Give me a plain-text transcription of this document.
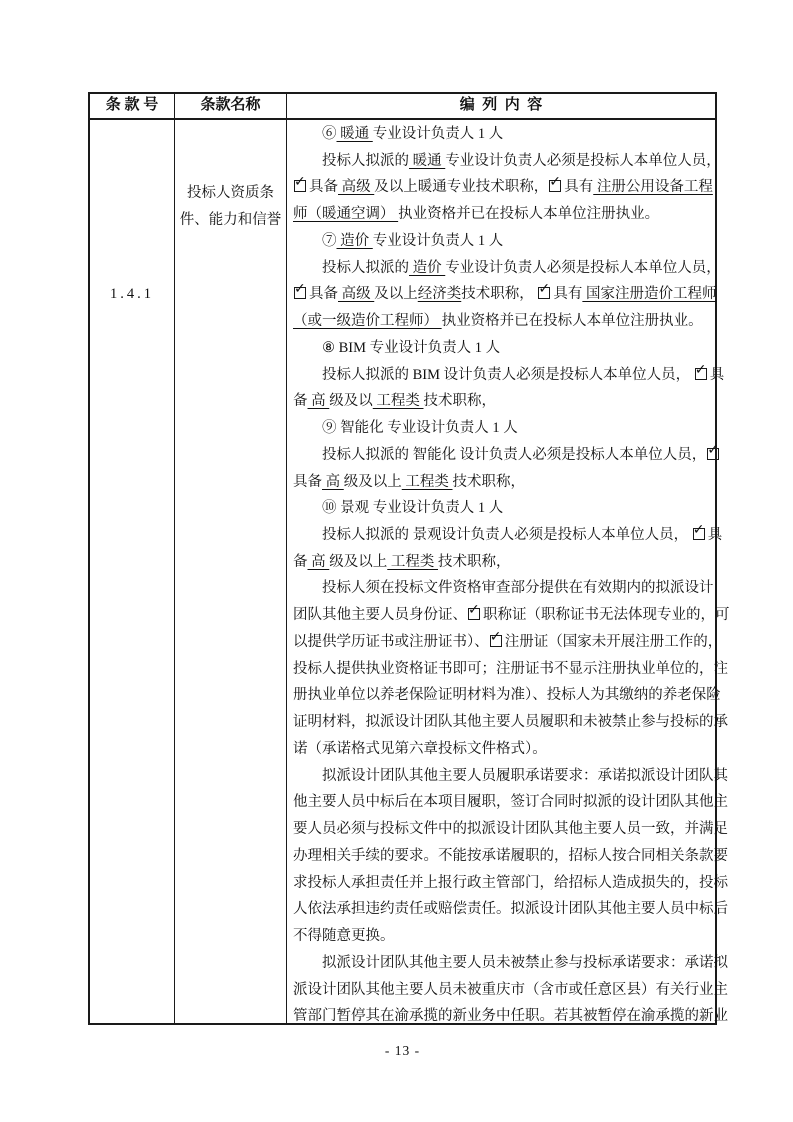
条 款 号	条款名称	编  列  内  容
1.4.1
投标人资质条
件、能力和信誉
⑥ 暖通 专业设计负责人 1 人
投标人拟派的 暖通 专业设计负责人必须是投标人本单位人员，
✓ 具备 高级 及以上暖通专业技术职称， ✓ 具有 注册公用设备工程
师（暖通空调） 执业资格并已在投标人本单位注册执业。
⑦ 造价 专业设计负责人 1 人
投标人拟派的 造价 专业设计负责人必须是投标人本单位人员，
✓ 具备 高级 及以上经济类技术职称， ✓ 具有 国家注册造价工程师
（或一级造价工程师） 执业资格并已在投标人本单位注册执业。
⑧ BIM 专业设计负责人 1 人
投标人拟派的 BIM 设计负责人必须是投标人本单位人员， ✓ 具
备 高 级及以 工程类 技术职称，
⑨ 智能化 专业设计负责人 1 人
投标人拟派的 智能化 设计负责人必须是投标人本单位人员， ✓
具备 高 级及以上 工程类 技术职称，
⑩ 景观 专业设计负责人 1 人
投标人拟派的 景观设计负责人必须是投标人本单位人员， ✓ 具
备 高 级及以上 工程类 技术职称，
投标人须在投标文件资格审查部分提供在有效期内的拟派设计
团队其他主要人员身份证、 ✓ 职称证（职称证书无法体现专业的，可
以提供学历证书或注册证书）、 ✓ 注册证（国家未开展注册工作的，
投标人提供执业资格证书即可；注册证书不显示注册执业单位的，注
册执业单位以养老保险证明材料为准）、投标人为其缴纳的养老保险
证明材料，拟派设计团队其他主要人员履职和未被禁止参与投标的承
诺（承诺格式见第六章投标文件格式）。
拟派设计团队其他主要人员履职承诺要求：承诺拟派设计团队其
他主要人员中标后在本项目履职，签订合同时拟派的设计团队其他主
要人员必须与投标文件中的拟派设计团队其他主要人员一致，并满足
办理相关手续的要求。不能按承诺履职的，招标人按合同相关条款要
求投标人承担责任并上报行政主管部门，给招标人造成损失的，投标
人依法承担违约责任或赔偿责任。拟派设计团队其他主要人员中标后
不得随意更换。
拟派设计团队其他主要人员未被禁止参与投标承诺要求：承诺拟
派设计团队其他主要人员未被重庆市（含市或任意区县）有关行业主
管部门暂停其在渝承揽的新业务中任职。若其被暂停在渝承揽的新业
- 13 -
